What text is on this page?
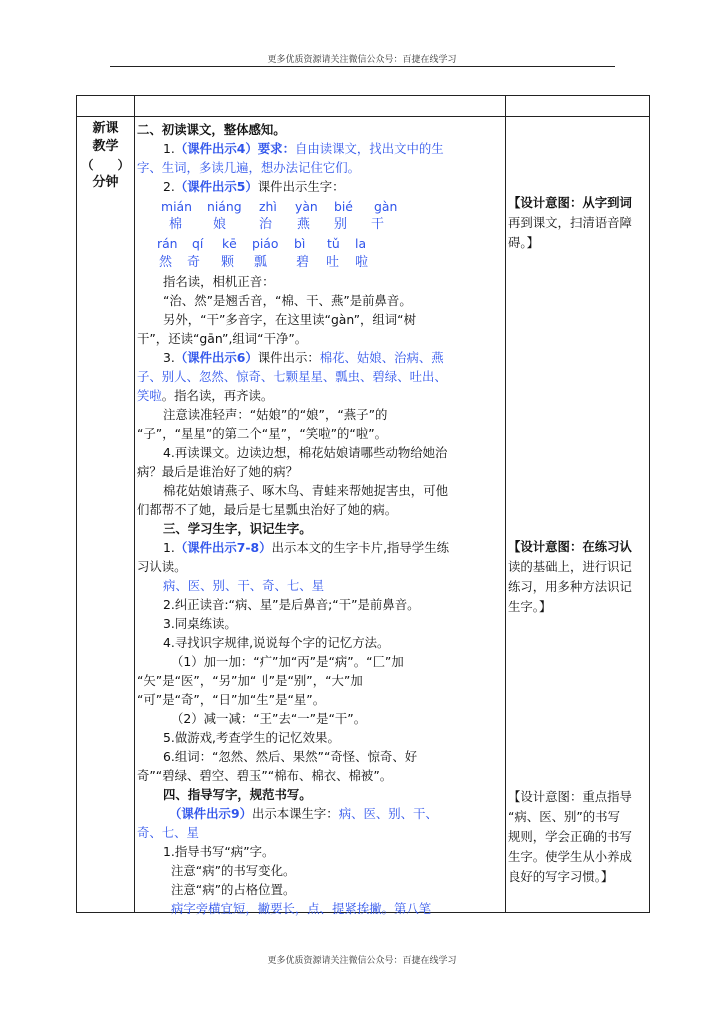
更多优质资源请关注微信公众号：百捷在线学习
新课
教学
（　　）
分钟
二、初读课文，整体感知。
1.（课件出示4）要求：自由读课文，找出文中的生
字、生词，多读几遍，想办法记住它们。
2.（课件出示5）课件出示生字：
mián niáng zhì yàn bié gàn
棉 娘	治 燕 别 干
rán qí kē piáo bì tǔ la
然 奇 颗 瓢 碧 吐 啦
指名读，相机正音：
“治、然”是翘舌音，“棉、干、燕”是前鼻音。
另外，“干”多音字，在这里读“gàn”，组词“树
干”，还读“gān”,组词“干净”。
3.（课件出示6）课件出示：棉花、姑娘、治病、燕
子、别人、忽然、惊奇、七颗星星、瓢虫、碧绿、吐出、
笑啦。指名读，再齐读。
注意读准轻声：“姑娘”的“娘”，“燕子”的
“子”，“星星”的第二个“星”，“笑啦”的“啦”。
4.再读课文。边读边想，棉花姑娘请哪些动物给她治
病？最后是谁治好了她的病？
棉花姑娘请燕子、啄木鸟、青蛙来帮她捉害虫，可他
们都帮不了她，最后是七星瓢虫治好了她的病。
三、学习生字，识记生字。
1.（课件出示7-8）出示本文的生字卡片,指导学生练
习认读。
病、医、别、干、奇、七、星
2.纠正读音:“病、星”是后鼻音;“干”是前鼻音。
3.同桌练读。
4.寻找识字规律,说说每个字的记忆方法。
（1）加一加：“疒”加“丙”是“病”。“匚”加
“矢”是“医”，“另”加“刂”是“别”，“大”加
“可”是“奇”，“日”加“生”是“星”。
（2）减一减：“王”去“一”是“干”。
5.做游戏,考查学生的记忆效果。
6.组词：“忽然、然后、果然”“奇怪、惊奇、好
奇”“碧绿、碧空、碧玉”“棉布、棉衣、棉被”。
四、指导写字，规范书写。
（课件出示9）出示本课生字：病、医、别、干、
奇、七、星
1.指导书写“病”字。
注意“病”的书写变化。
注意“病”的占格位置。
病字旁横宜短，撇要长，点、提紧挨撇。第八笔
【设计意图：从字到词
再到课文，扫清语音障
碍。】
【设计意图：在练习认
读的基础上，进行识记
练习，用多种方法识记
生字。】
【设计意图：重点指导
“病、医、别”的书写
规则，学会正确的书写
生字。使学生从小养成
良好的写字习惯。】
更多优质资源请关注微信公众号：百捷在线学习
